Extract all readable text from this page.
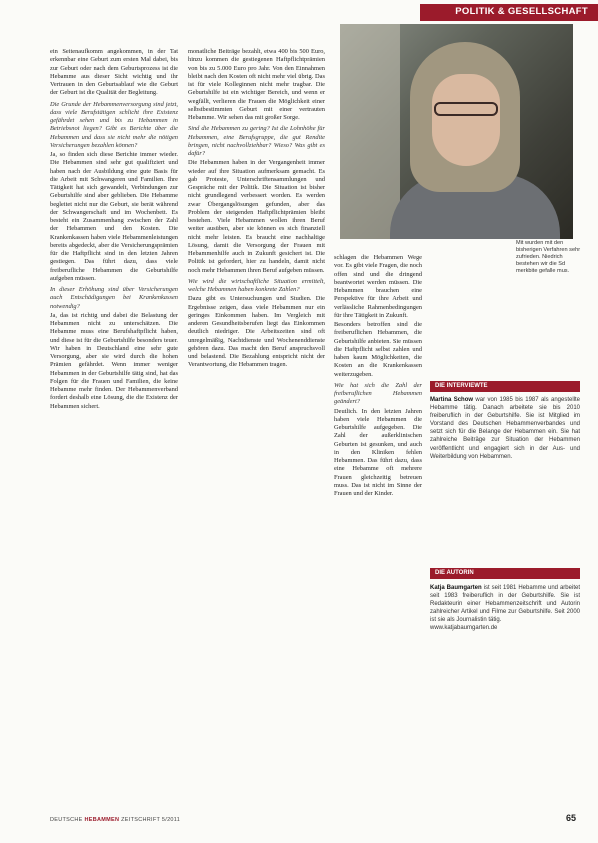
POLITIK & GESELLSCHAFT

ein Seitenaufkomm angekommen, in der Tat erkennbar eine Geburt zum ersten Mal dabei, bis zur Geburt oder nach dem Geburtsprozess ist die Hebamme aus dieser Sicht wichtig und ihr Vertrauen in den Geburtsablauf wie die Geburt der Geburt ist die Qualität der Begleitung.

Die Grunde der Hebammenversorgung sind jetzt, dass viele Berufstätigen schlicht ihre Existenz gefährdet sehen und bis zu Hebammen in Betriebsnot liegen? Gibt es Berichte über die Hebammen und dass sie nicht mehr die nötigen Versicherungen bezahlen können?

Ja, so finden sich diese Berichte immer wieder. Die Hebammen sind sehr gut qualifiziert und haben nach der Ausbildung eine gute Basis für die Arbeit mit Schwangeren und Familien. Ihre Tätigkeit hat sich gewandelt, Verbindungen zur Geburtshilfe sind aber geblieben. Die Hebamme begleitet nicht nur die Geburt, sie berät während der Schwangerschaft und im Wochenbett. Es besteht ein Zusammenhang zwischen der Zahl der Hebammen und den Kosten. Die Krankenkassen haben viele Hebammenleistungen bereits abgedeckt, aber die Versicherungsprämien für die Haftpflicht sind in den letzten Jahren gestiegen. Das führt dazu, dass viele freiberufliche Hebammen die Geburtshilfe aufgeben müssen.

In dieser Erhöhung sind über Versicherungen auch Entschädigungen bei Krankenkassen notwendig?

Ja, das ist richtig und dabei die Belastung der Hebammen nicht zu unterschätzen. Die Hebamme muss eine Berufshaftpflicht haben, und diese ist für die Geburtshilfe besonders teuer. Wir haben in Deutschland eine sehr gute Versorgung, aber sie wird durch die hohen Prämien gefährdet. Wenn immer weniger Hebammen in der Geburtshilfe tätig sind, hat das Folgen für die Frauen und Familien, die keine Hebamme mehr finden. Der Hebammenverband fordert deshalb eine Lösung, die die Existenz der Hebammen sichert.

monatliche Beiträge bezahlt, etwa 400 bis 500 Euro, hinzu kommen die gestiegenen Haftpflichtprämien von bis zu 5.000 Euro pro Jahr. Von den Einnahmen bleibt nach den Kosten oft nicht mehr viel übrig. Das ist für viele Kolleginnen nicht mehr tragbar. Die Geburtshilfe ist ein wichtiger Bereich, und wenn er wegfällt, verlieren die Frauen die Möglichkeit einer selbstbestimmten Geburt mit einer vertrauten Hebamme. Wir sehen das mit großer Sorge.

Sind die Hebammen zu gering? Ist die Lohnhöhe für Hebammen, eine Berufsgruppe, die gut Rendite bringen, nicht nachvollziehbar? Wieso? Was gibt es dafür?

Die Hebammen haben in der Vergangenheit immer wieder auf ihre Situation aufmerksam gemacht. Es gab Proteste, Unterschriftensammlungen und Gespräche mit der Politik. Die Situation ist bisher nicht grundlegend verbessert worden. Es werden zwar Übergangslösungen gefunden, aber das Problem der steigenden Haftpflichtprämien bleibt bestehen. Viele Hebammen wollen ihren Beruf weiter ausüben, aber sie können es sich finanziell nicht mehr leisten. Es braucht eine nachhaltige Lösung, damit die Versorgung der Frauen mit Hebammenhilfe auch in Zukunft gesichert ist. Die Politik ist gefordert, hier zu handeln, damit nicht noch mehr Hebammen ihren Beruf aufgeben müssen.

Wie wird die wirtschaftliche Situation ermittelt, welche Hebammen haben konkrete Zahlen?

Dazu gibt es Untersuchungen und Studien. Die Ergebnisse zeigen, dass viele Hebammen nur ein geringes Einkommen haben. Im Vergleich mit anderen Gesundheitsberufen liegt das Einkommen deutlich niedriger. Die Arbeitszeiten sind oft unregelmäßig, Nachtdienste und Wochenenddienste gehören dazu. Das macht den Beruf anspruchsvoll und belastend. Die Bezahlung entspricht nicht der Verantwortung, die Hebammen tragen.

Mit wurden mit den bisherigen Verfahren sehr zufrieden. Niedrich bestehen wir die Sd merkbite gefalle mus.

schlagen die Hebammen Wege vor. Es gibt viele Fragen, die noch offen sind und die dringend beantwortet werden müssen. Die Hebammen brauchen eine Perspektive für ihre Arbeit und verlässliche Rahmenbedingungen für ihre Tätigkeit in Zukunft.

Besonders betroffen sind die freiberuflichen Hebammen, die Geburtshilfe anbieten. Sie müssen die Haftpflicht selbst zahlen und haben kaum Möglichkeiten, die Kosten an die Krankenkassen weiterzugeben.

Wie hat sich die Zahl der freiberuflichen Hebammen geändert?

Deutlich. In den letzten Jahren haben viele Hebammen die Geburtshilfe aufgegeben. Die Zahl der außerklinischen Geburten ist gesunken, und auch in den Kliniken fehlen Hebammen. Das führt dazu, dass eine Hebamme oft mehrere Frauen gleichzeitig betreuen muss. Das ist nicht im Sinne der Frauen und der Kinder.

DIE INTERVIEWTE
Martina Schow war von 1985 bis 1987 als angestellte Hebamme tätig. Danach arbeitete sie bis 2010 freiberuflich in der Geburtshilfe. Sie ist Mitglied im Vorstand des Deutschen Hebammenverbandes und setzt sich für die Belange der Hebammen ein. Sie hat zahlreiche Beiträge zur Situation der Hebammen veröffentlicht und engagiert sich in der Aus- und Weiterbildung von Hebammen.
DIE AUTORIN
Katja Baumgarten ist seit 1981 Hebamme und arbeitet seit 1983 freiberuflich in der Geburtshilfe. Sie ist Redakteurin einer Hebammenzeitschrift und Autorin zahlreicher Artikel und Filme zur Geburtshilfe. Seit 2000 ist sie als Journalistin tätig.
www.katjabaumgarten.de
DEUTSCHE HEBAMMEN ZEITSCHRIFT 5/2011	65
